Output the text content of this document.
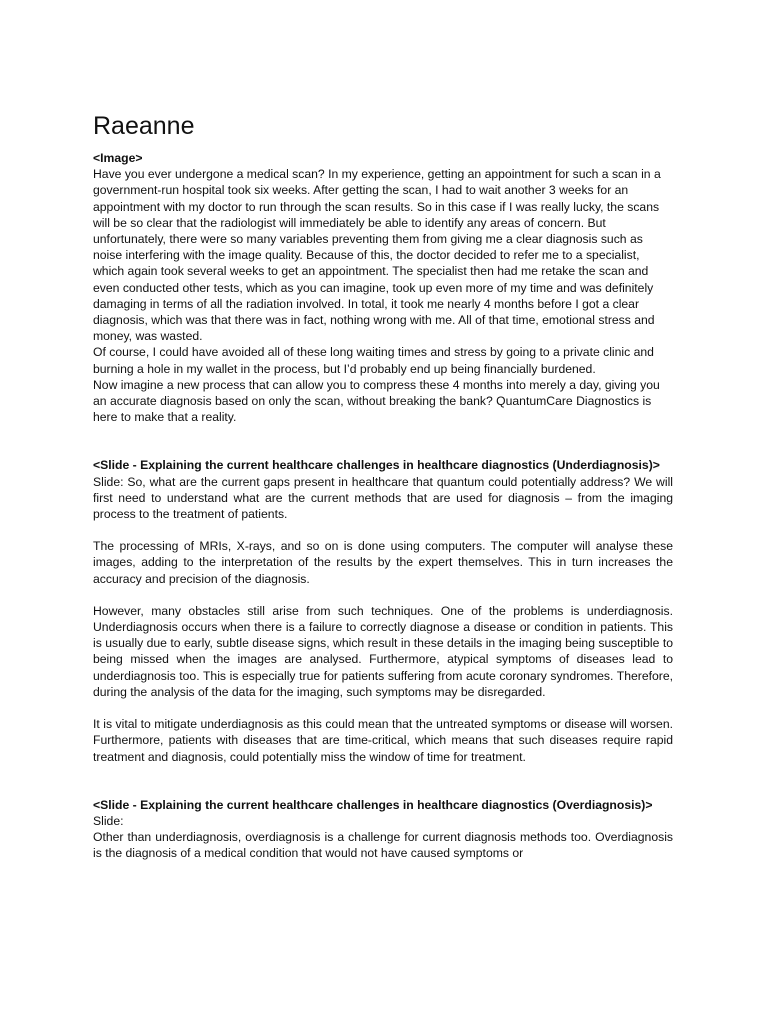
Raeanne
<Image>

Have you ever undergone a medical scan? In my experience, getting an appointment for such a scan in a government-run hospital took six weeks. After getting the scan, I had to wait another 3 weeks for an appointment with my doctor to run through the scan results. So in this case if I was really lucky, the scans will be so clear that the radiologist will immediately be able to identify any areas of concern. But unfortunately, there were so many variables preventing them from giving me a clear diagnosis such as noise interfering with the image quality. Because of this, the doctor decided to refer me to a specialist, which again took several weeks to get an appointment. The specialist then had me retake the scan and even conducted other tests, which as you can imagine, took up even more of my time and was definitely damaging in terms of all the radiation involved. In total, it took me nearly 4 months before I got a clear diagnosis, which was that there was in fact, nothing wrong with me. All of that time, emotional stress and money, was wasted.

Of course, I could have avoided all of these long waiting times and stress by going to a private clinic and burning a hole in my wallet in the process, but I’d probably end up being financially burdened.

Now imagine a new process that can allow you to compress these 4 months into merely a day, giving you an accurate diagnosis based on only the scan, without breaking the bank? QuantumCare Diagnostics is here to make that a reality.

<Slide - Explaining the current healthcare challenges in healthcare diagnostics (Underdiagnosis)>

Slide: So, what are the current gaps present in healthcare that quantum could potentially address? We will first need to understand what are the current methods that are used for diagnosis – from the imaging process to the treatment of patients.

The processing of MRIs, X-rays, and so on is done using computers. The computer will analyse these images, adding to the interpretation of the results by the expert themselves. This in turn increases the accuracy and precision of the diagnosis.

However, many obstacles still arise from such techniques. One of the problems is underdiagnosis. Underdiagnosis occurs when there is a failure to correctly diagnose a disease or condition in patients. This is usually due to early, subtle disease signs, which result in these details in the imaging being susceptible to being missed when the images are analysed. Furthermore, atypical symptoms of diseases lead to underdiagnosis too. This is especially true for patients suffering from acute coronary syndromes. Therefore, during the analysis of the data for the imaging, such symptoms may be disregarded.

It is vital to mitigate underdiagnosis as this could mean that the untreated symptoms or disease will worsen. Furthermore, patients with diseases that are time-critical, which means that such diseases require rapid treatment and diagnosis, could potentially miss the window of time for treatment.

<Slide - Explaining the current healthcare challenges in healthcare diagnostics (Overdiagnosis)>

Slide:

Other than underdiagnosis, overdiagnosis is a challenge for current diagnosis methods too. Overdiagnosis is the diagnosis of a medical condition that would not have caused symptoms or
